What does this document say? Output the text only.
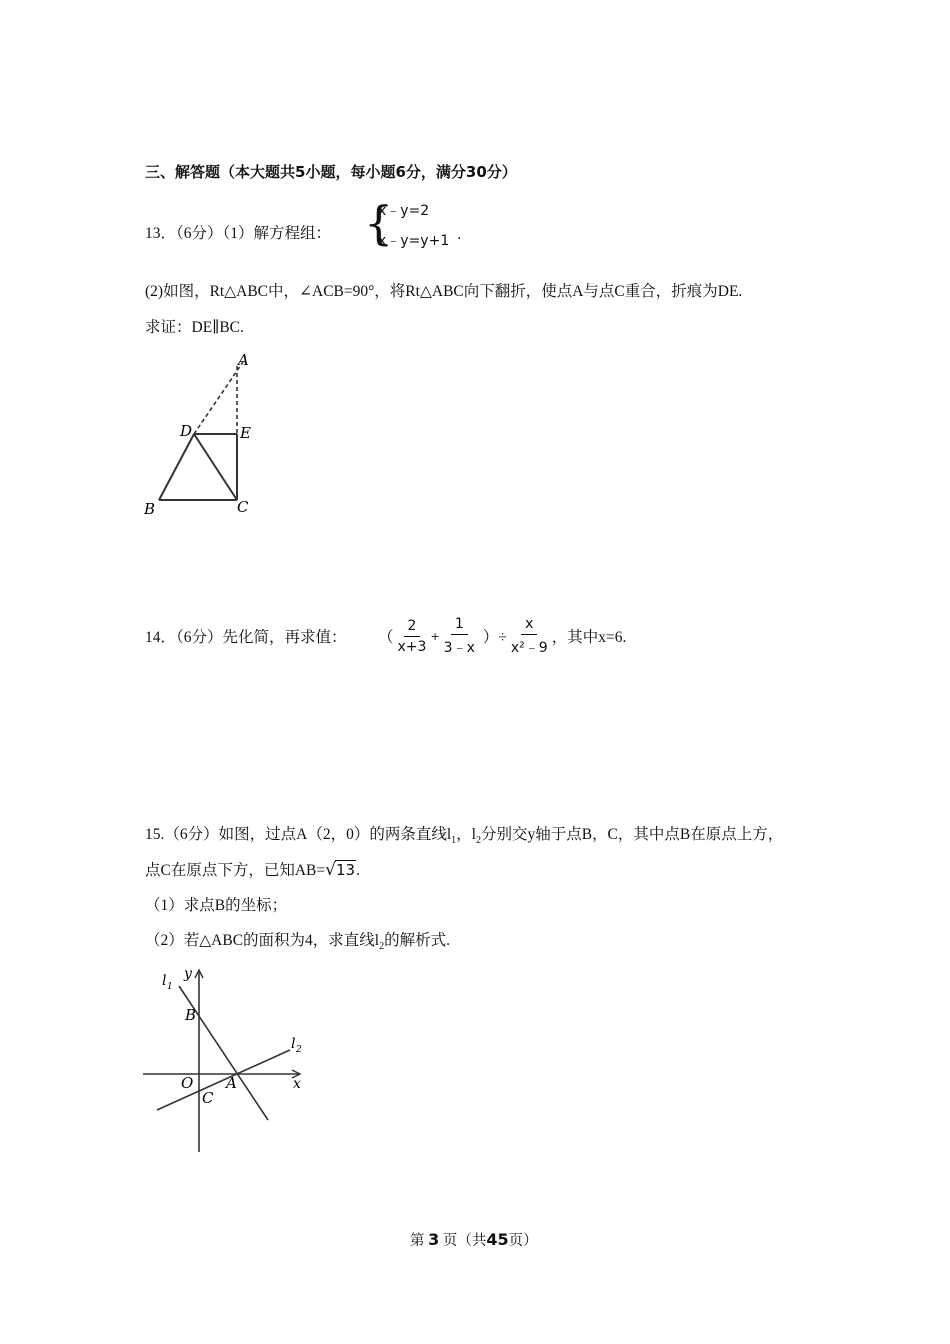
三、解答题（本大题共5小题，每小题6分，满分30分）
13．（6分）（1）解方程组： {
x﹣y=2
x﹣y=y+1 .
(2)如图，Rt△ABC中，∠ACB=90°，将Rt△ABC向下翻折，使点A与点C重合，折痕为DE.
求证：DE∥BC.
A
D	E
B	C
14．（6分）先化简，再求值： （ $\frac{2}{x+3} + \frac{1}{3﹣x}$ ）÷ $\frac{x}{\text{x²﹣9}}$ ，其中x=6.
15.（6分）如图，过点A（2，0）的两条直线$l_1$，$l_2$分别交y轴于点B，C，其中点B在原点上方，
点C在原点下方，已知AB=√13.
（1）求点B的坐标；
（2）若△ABC的面积为4，求直线$l_2$的解析式.
y
x
l 1
l 2
B
O A
C
第 3 页（共45页）
